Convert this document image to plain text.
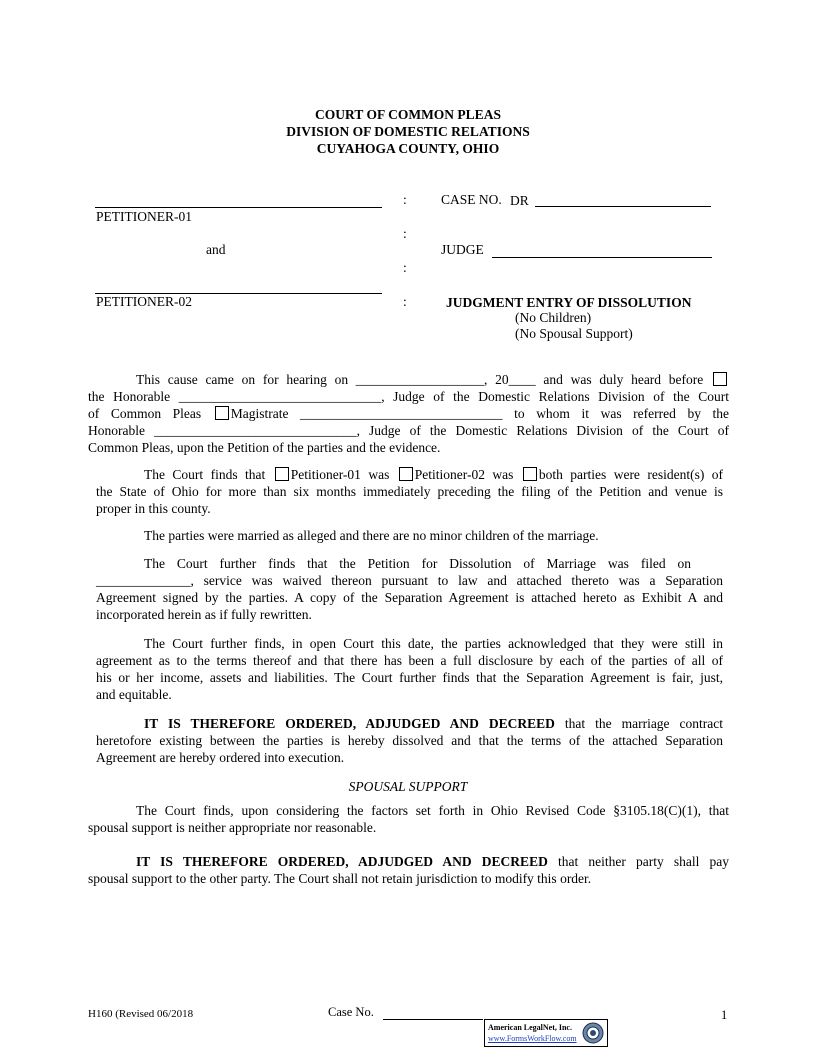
COURT OF COMMON PLEAS
DIVISION OF DOMESTIC RELATIONS
CUYAHOGA COUNTY, OHIO
PETITIONER-01
and
PETITIONER-02
:
:
:
:
CASE NO. DR
JUDGE
JUDGMENT ENTRY OF DISSOLUTION
(No Children)
(No Spousal Support)
This cause came on for hearing on ___________________, 20____ and was duly heard before
the Honorable ______________________________, Judge of the Domestic Relations Division of the Court
of Common Pleas Magistrate ______________________________ to whom it was referred by the
Honorable ______________________________, Judge of the Domestic Relations Division of the Court of
Common Pleas, upon the Petition of the parties and the evidence.
The Court finds that Petitioner-01 was Petitioner-02 was both parties were resident(s) of
the State of Ohio for more than six months immediately preceding the filing of the Petition and venue is
proper in this county.
The parties were married as alleged and there are no minor children of the marriage.
The Court further finds that the Petition for Dissolution of Marriage was filed on
______________, service was waived thereon pursuant to law and attached thereto was a Separation
Agreement signed by the parties. A copy of the Separation Agreement is attached hereto as Exhibit A and
incorporated herein as if fully rewritten.
The Court further finds, in open Court this date, the parties acknowledged that they were still in
agreement as to the terms thereof and that there has been a full disclosure by each of the parties of all of
his or her income, assets and liabilities. The Court further finds that the Separation Agreement is fair, just,
and equitable.
IT IS THEREFORE ORDERED, ADJUDGED AND DECREED that the marriage contract
heretofore existing between the parties is hereby dissolved and that the terms of the attached Separation
Agreement are hereby ordered into execution.
SPOUSAL SUPPORT
The Court finds, upon considering the factors set forth in Ohio Revised Code §3105.18(C)(1), that
spousal support is neither appropriate nor reasonable.
IT IS THEREFORE ORDERED, ADJUDGED AND DECREED that neither party shall pay
spousal support to the other party. The Court shall not retain jurisdiction to modify this order.
H160 (Revised 06/2018	Case No.	1
American LegalNet, Inc.
www.FormsWorkFlow.com
